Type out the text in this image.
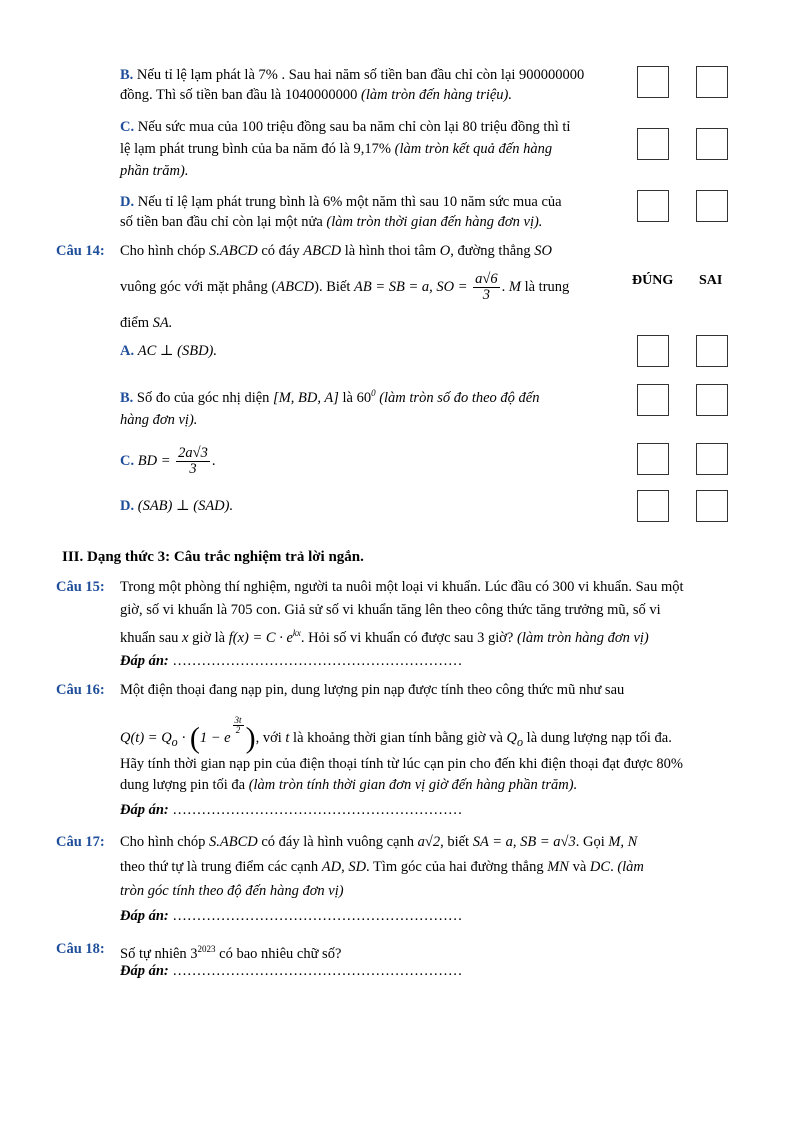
B. Nếu tỉ lệ lạm phát là 7% . Sau hai năm số tiền ban đầu chỉ còn lại 900000000
đồng. Thì số tiền ban đầu là 1040000000 (làm tròn đến hàng triệu).
C. Nếu sức mua của 100 triệu đồng sau ba năm chỉ còn lại 80 triệu đồng thì tỉ
lệ lạm phát trung bình của ba năm đó là 9,17% (làm tròn kết quả đến hàng
phần trăm).
D. Nếu tỉ lệ lạm phát trung bình là 6% một năm thì sau 10 năm sức mua của
số tiền ban đầu chỉ còn lại một nửa (làm tròn thời gian đến hàng đơn vị).
Câu 14: Cho hình chóp S.ABCD có đáy ABCD là hình thoi tâm O, đường thẳng SO
vuông góc với mặt phẳng (ABCD). Biết AB = SB = a, SO = $\frac{a√6}{3}$ . M là trung	ĐÚNG SAI
điểm SA.
A. AC ⊥ (SBD).
B. Số đo của góc nhị diện [M, BD, A] là $60^0$ (làm tròn số đo theo độ đến
hàng đơn vị).
C. BD = $\frac{2a√3}{3}$ .
D. (SAB) ⊥ (SAD).
III. Dạng thức 3: Câu trắc nghiệm trả lời ngắn.
Câu 15: Trong một phòng thí nghiệm, người ta nuôi một loại vi khuẩn. Lúc đầu có 300 vi khuẩn. Sau một
giờ, số vi khuẩn là 705 con. Giả sử số vi khuẩn tăng lên theo công thức tăng trưởng mũ, số vi
khuẩn sau x giờ là $f(x) = C \cdot e^{kx}$. Hỏi số vi khuẩn có được sau 3 giờ? (làm tròn hàng đơn vị)
Đáp án: ……………………………………………………
Câu 16: Một điện thoại đang nạp pin, dung lượng pin nạp được tính theo công thức mũ như sau
$Q(t) = Q_o \cdot (1 - e$
$^{\frac{3t}{2}}$ ), với t là khoảng thời gian tính bằng giờ và $Q_o$ là dung lượng nạp tối đa.
Hãy tính thời gian nạp pin của điện thoại tính từ lúc cạn pin cho đến khi điện thoại đạt được 80%
dung lượng pin tối đa (làm tròn tính thời gian đơn vị giờ đến hàng phần trăm).
Đáp án: ……………………………………………………
Câu 17: Cho hình chóp S.ABCD có đáy là hình vuông cạnh a√2, biết SA = a, SB = a√3. Gọi M, N
theo thứ tự là trung điểm các cạnh AD, SD. Tìm góc của hai đường thẳng MN và DC. (làm
tròn góc tính theo độ đến hàng đơn vị)
Đáp án: ……………………………………………………
Câu 18: Số tự nhiên $3^{2023}$ có bao nhiêu chữ số?
Đáp án: ……………………………………………………
